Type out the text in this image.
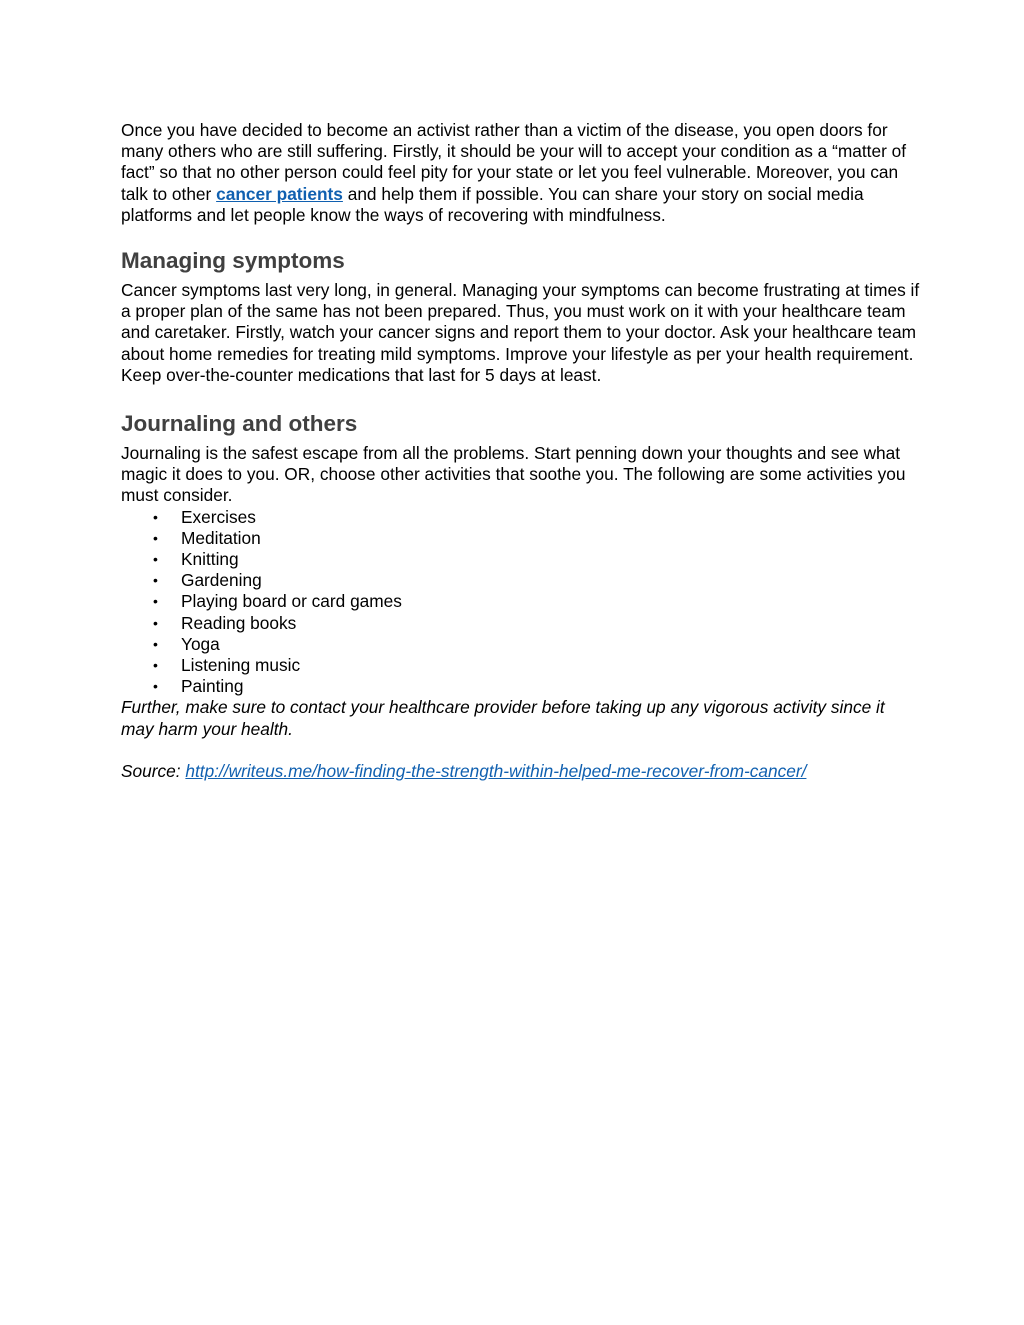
Once you have decided to become an activist rather than a victim of the disease, you open doors for many others who are still suffering. Firstly, it should be your will to accept your condition as a “matter of fact” so that no other person could feel pity for your state or let you feel vulnerable. Moreover, you can talk to other cancer patients and help them if possible. You can share your story on social media platforms and let people know the ways of recovering with mindfulness.

Managing symptoms

Cancer symptoms last very long, in general. Managing your symptoms can become frustrating at times if a proper plan of the same has not been prepared. Thus, you must work on it with your healthcare team and caretaker. Firstly, watch your cancer signs and report them to your doctor. Ask your healthcare team about home remedies for treating mild symptoms. Improve your lifestyle as per your health requirement. Keep over-the-counter medications that last for 5 days at least.

Journaling and others

Journaling is the safest escape from all the problems. Start penning down your thoughts and see what magic it does to you. OR, choose other activities that soothe you. The following are some activities you must consider.

• Exercises
• Meditation
• Knitting
• Gardening
• Playing board or card games
• Reading books
• Yoga
• Listening music
• Painting

Further, make sure to contact your healthcare provider before taking up any vigorous activity since it may harm your health.

Source: http://writeus.me/how-finding-the-strength-within-helped-me-recover-from-cancer/
